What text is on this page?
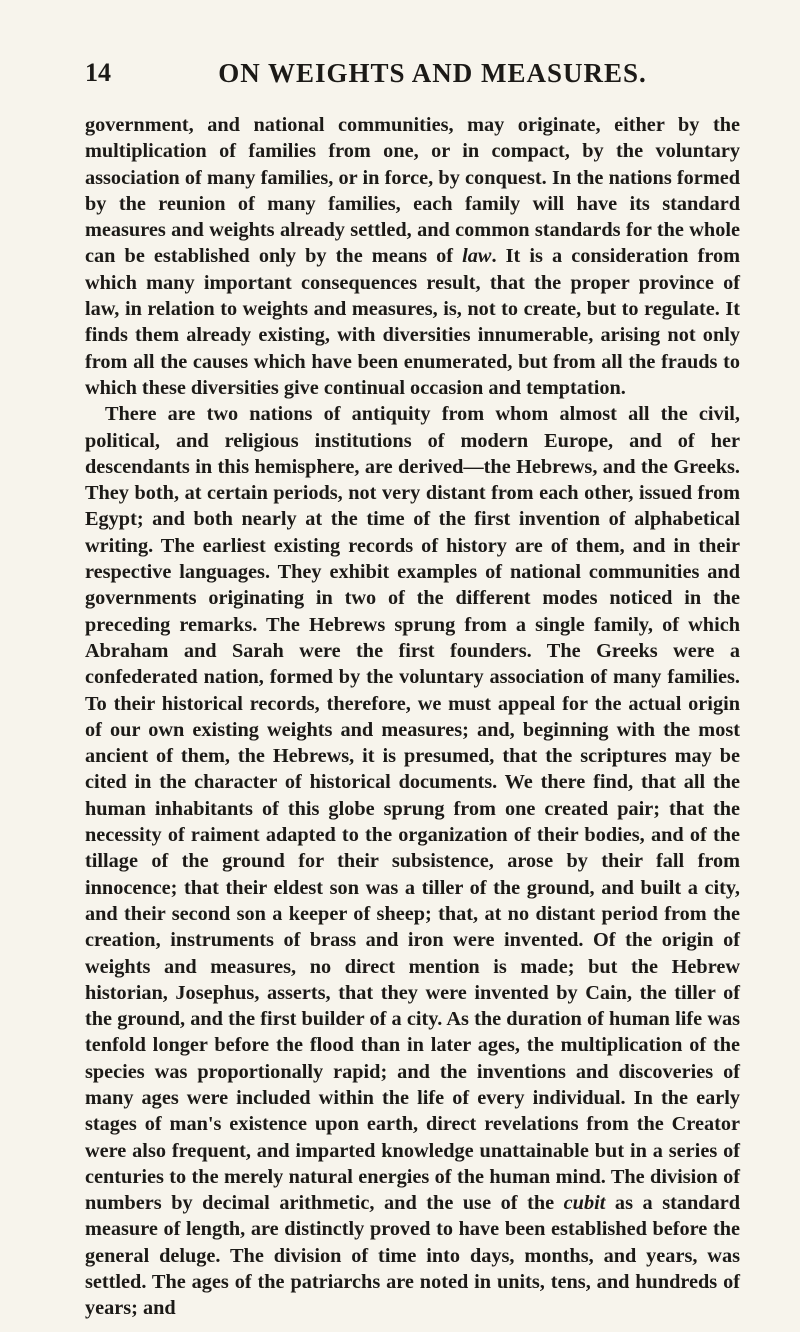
14	ON WEIGHTS AND MEASURES.

government, and national communities, may originate, either by the multiplication of families from one, or in compact, by the voluntary association of many families, or in force, by conquest. In the nations formed by the reunion of many families, each family will have its standard measures and weights already settled, and common standards for the whole can be established only by the means of law. It is a consideration from which many important consequences result, that the proper province of law, in relation to weights and measures, is, not to create, but to regulate. It finds them already existing, with diversities innumerable, arising not only from all the causes which have been enumerated, but from all the frauds to which these diversities give continual occasion and temptation.

There are two nations of antiquity from whom almost all the civil, political, and religious institutions of modern Europe, and of her descendants in this hemisphere, are derived—the Hebrews, and the Greeks. They both, at certain periods, not very distant from each other, issued from Egypt; and both nearly at the time of the first invention of alphabetical writing. The earliest existing records of history are of them, and in their respective languages. They exhibit examples of national communities and governments originating in two of the different modes noticed in the preceding remarks. The Hebrews sprung from a single family, of which Abraham and Sarah were the first founders. The Greeks were a confederated nation, formed by the voluntary association of many families. To their historical records, therefore, we must appeal for the actual origin of our own existing weights and measures; and, beginning with the most ancient of them, the Hebrews, it is presumed, that the scriptures may be cited in the character of historical documents. We there find, that all the human inhabitants of this globe sprung from one created pair; that the necessity of raiment adapted to the organization of their bodies, and of the tillage of the ground for their subsistence, arose by their fall from innocence; that their eldest son was a tiller of the ground, and built a city, and their second son a keeper of sheep; that, at no distant period from the creation, instruments of brass and iron were invented. Of the origin of weights and measures, no direct mention is made; but the Hebrew historian, Josephus, asserts, that they were invented by Cain, the tiller of the ground, and the first builder of a city. As the duration of human life was tenfold longer before the flood than in later ages, the multiplication of the species was proportionally rapid; and the inventions and discoveries of many ages were included within the life of every individual. In the early stages of man's existence upon earth, direct revelations from the Creator were also frequent, and imparted knowledge unattainable but in a series of centuries to the merely natural energies of the human mind. The division of numbers by decimal arithmetic, and the use of the cubit as a standard measure of length, are distinctly proved to have been established before the general deluge. The division of time into days, months, and years, was settled. The ages of the patriarchs are noted in units, tens, and hundreds of years; and
